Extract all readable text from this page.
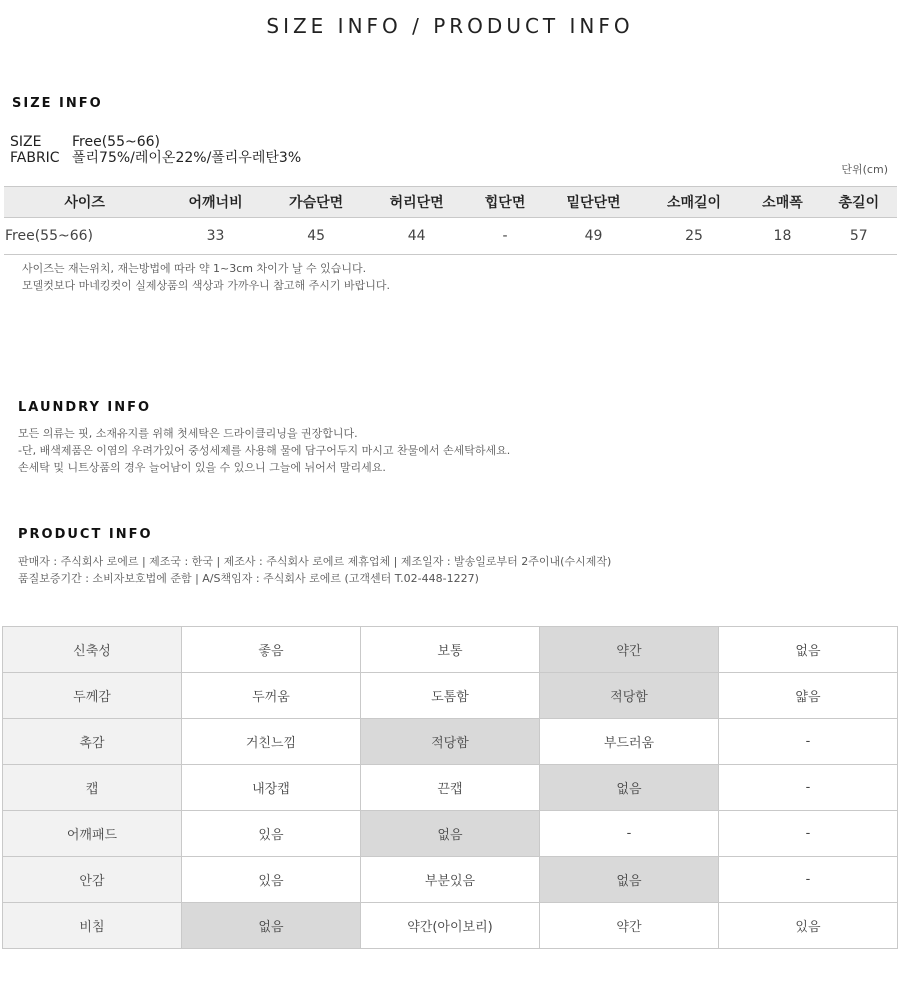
SIZE INFO / PRODUCT INFO
SIZE INFO
SIZE Free(55~66)
FABRIC 폴리75%/레이온22%/폴리우레탄3%
단위(cm)
사이즈	어깨너비	가슴단면	허리단면	힙단면	밑단단면	소매길이	소매폭	총길이
Free(55~66)	33	45	44	-	49	25	18	57
사이즈는 재는위치, 재는방법에 따라 약 1~3cm 차이가 날 수 있습니다.
모델컷보다 마네킹컷이 실제상품의 색상과 가까우니 참고해 주시기 바랍니다.
LAUNDRY INFO
모든 의류는 핏, 소재유지를 위해 첫세탁은 드라이클리닝을 권장합니다.
-단, 배색제품은 이염의 우려가있어 중성세제를 사용해 물에 담구어두지 마시고 찬물에서 손세탁하세요.
손세탁 및 니트상품의 경우 늘어남이 있을 수 있으니 그늘에 뉘어서 말리세요.
PRODUCT INFO
판매자 : 주식회사 로에르 | 제조국 : 한국 | 제조사 : 주식회사 로에르 제휴업체 | 제조일자 : 발송일로부터 2주이내(수시제작)
품질보증기간 : 소비자보호법에 준함 | A/S책임자 : 주식회사 로에르 (고객센터 T.02-448-1227)
신축성	좋음	보통	약간	없음
두께감	두꺼움	도톰함	적당함	얇음
촉감	거친느낌	적당함	부드러움	-
캡	내장캡	끈캡	없음	-
어깨패드	있음	없음	-	-
안감	있음	부분있음	없음	-
비침	없음	약간(아이보리)	약간	있음
